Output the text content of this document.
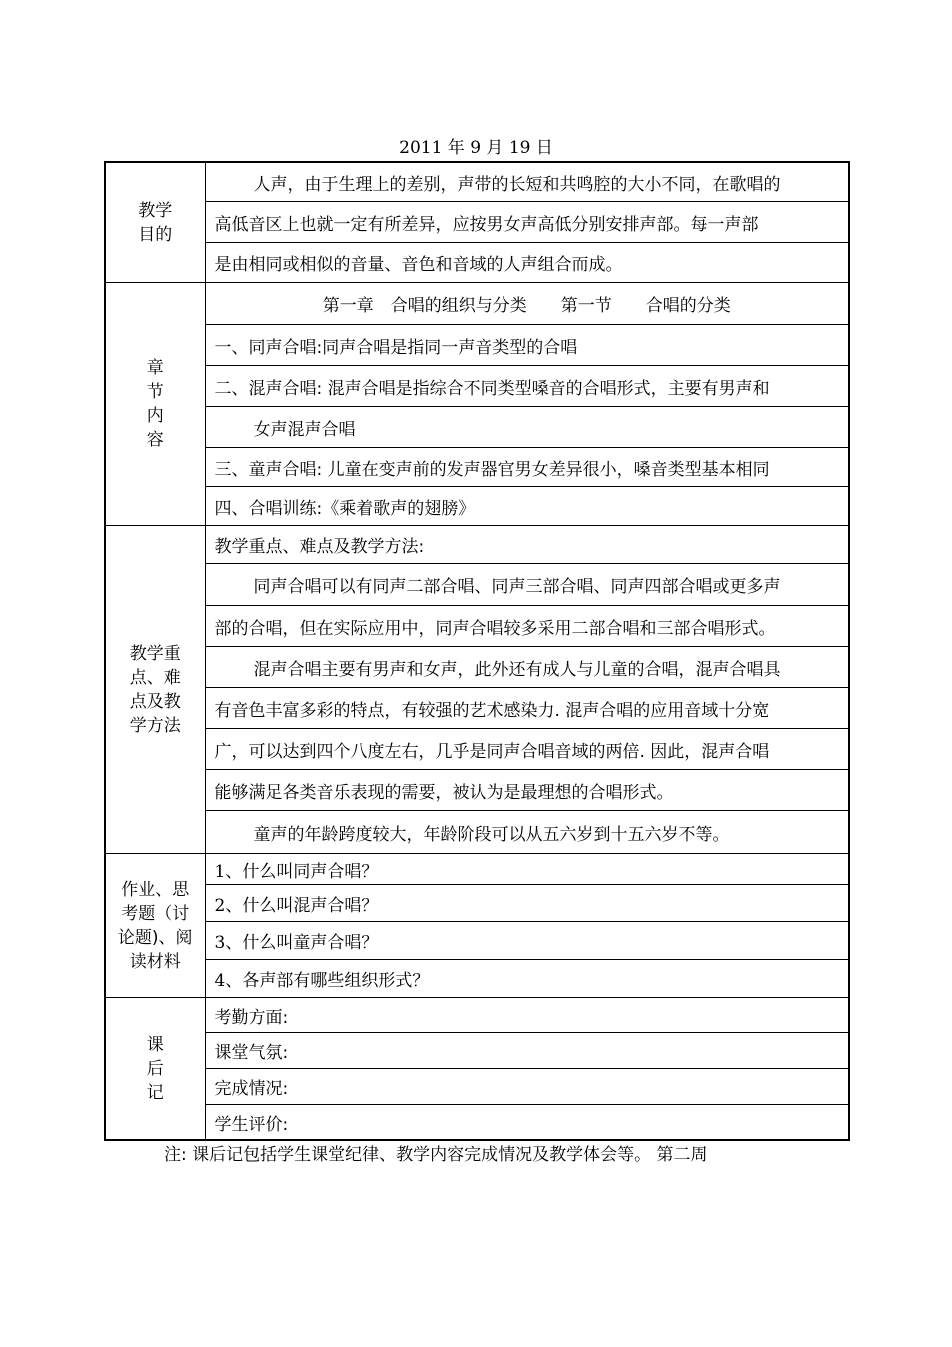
2011 年 9 月 19 日
教学
目的	人声，由于生理上的差别，声带的长短和共鸣腔的大小不同，在歌唱的

	高低音区上也就一定有所差异，应按男女声高低分别安排声部。每一声部

	是由相同或相似的音量、音色和音域的人声组合而成。

章
节
内
容	第一章　合唱的组织与分类　　第一节　　合唱的分类

	一、同声合唱:同声合唱是指同一声音类型的合唱

	二、混声合唱: 混声合唱是指综合不同类型嗓音的合唱形式，主要有男声和

	女声混声合唱

	三、童声合唱: 儿童在变声前的发声器官男女差异很小，嗓音类型基本相同

	四、合唱训练:《乘着歌声的翅膀》

教学重
点、难
点及教
学方法	教学重点、难点及教学方法:

	同声合唱可以有同声二部合唱、同声三部合唱、同声四部合唱或更多声

	部的合唱，但在实际应用中，同声合唱较多采用二部合唱和三部合唱形式。

	混声合唱主要有男声和女声，此外还有成人与儿童的合唱，混声合唱具

	有音色丰富多彩的特点，有较强的艺术感染力. 混声合唱的应用音域十分宽

	广，可以达到四个八度左右，几乎是同声合唱音域的两倍. 因此，混声合唱

	能够满足各类音乐表现的需要，被认为是最理想的合唱形式。

	童声的年龄跨度较大，年龄阶段可以从五六岁到十五六岁不等。

作业、思
考题（讨
论题)、阅
读材料	1、什么叫同声合唱？

	2、什么叫混声合唱？

	3、什么叫童声合唱？

	4、各声部有哪些组织形式？

课
后
记	考勤方面:

	课堂气氛:

	完成情况:

	学生评价:
注: 课后记包括学生课堂纪律、教学内容完成情况及教学体会等。 第二周
